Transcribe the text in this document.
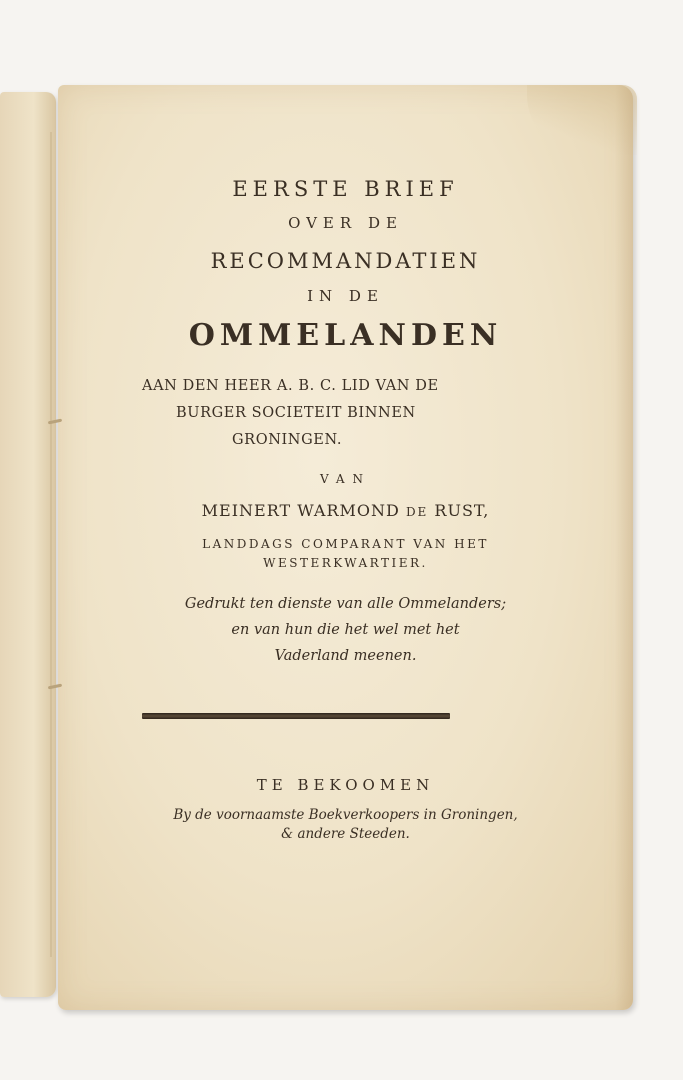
EERSTE BRIEF
OVER DE
RECOMMANDATIEN
IN DE
OMMELANDEN
AAN DEN HEER A. B. C. LID VAN DE
BURGER SOCIETEIT BINNEN
GRONINGEN.
VAN
MEINERT WARMOND DE RUST,
LANDDAGS COMPARANT VAN HET
WESTERKWARTIER.
Gedrukt ten dienste van alle Ommelanders;
en van hun die het wel met het
Vaderland meenen.
TE BEKOOMEN
By de voornaamste Boekverkoopers in Groningen,
& andere Steeden.
